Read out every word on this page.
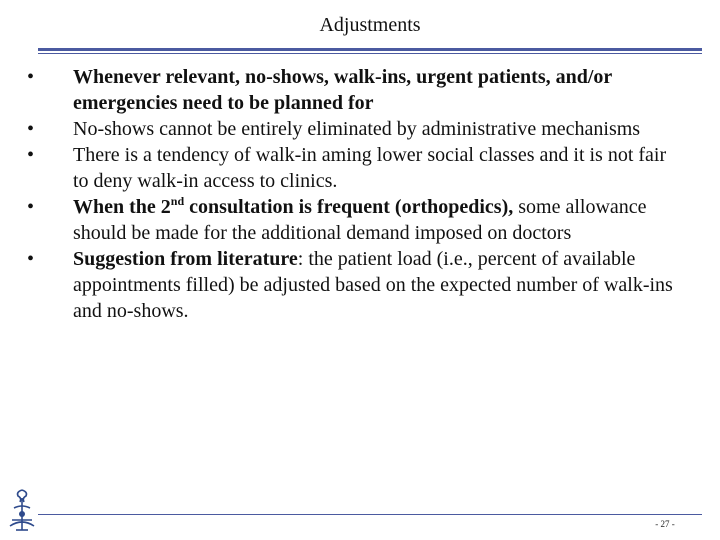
Adjustments
•	Whenever relevant, no-shows, walk-ins, urgent patients, and/or emergencies need to be planned for
•	No-shows cannot be entirely eliminated by administrative mechanisms
•	There is a tendency of walk-in aming lower social classes and it is not fair to deny walk-in access to clinics.
•	When the 2nd consultation is frequent (orthopedics), some allowance should be made for the additional demand imposed on doctors
•	Suggestion from literature: the patient load (i.e., percent of available appointments filled) be adjusted based on the expected number of walk-ins and no-shows.
- 27 -
